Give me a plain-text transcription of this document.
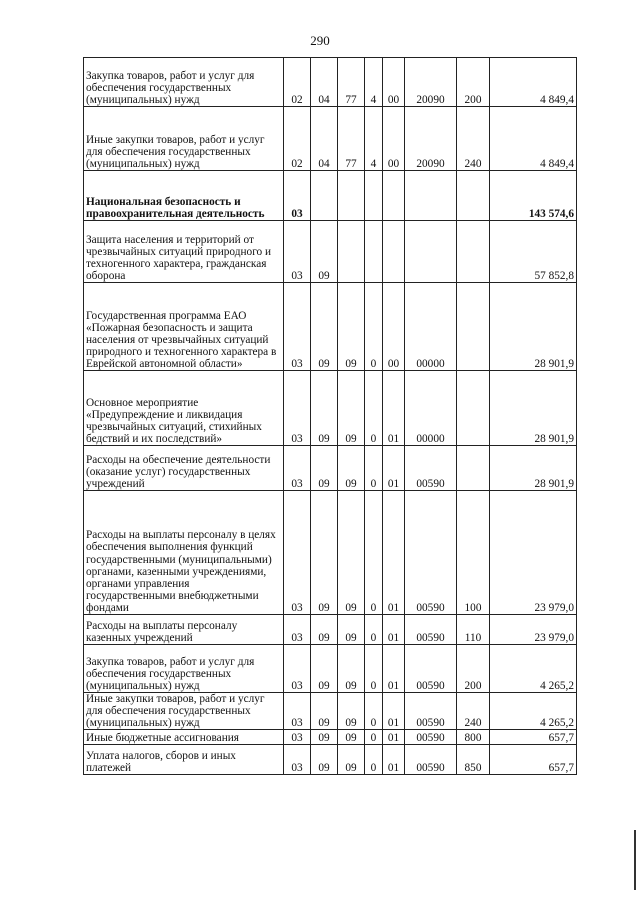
290
Закупка товаров, работ и услуг для обеспечения государственных (муниципальных) нужд	02	04	77	4	00	20090	200	4 849,4
Иные закупки товаров, работ и услуг для обеспечения государственных (муниципальных) нужд	02	04	77	4	00	20090	240	4 849,4
Национальная безопасность и правоохранительная деятельность	03							143 574,6
Защита населения и территорий от чрезвычайных ситуаций природного и техногенного характера, гражданская оборона	03	09						57 852,8
Государственная программа ЕАО «Пожарная безопасность и защита населения от чрезвычайных ситуаций природного и техногенного характера в Еврейской автономной области»	03	09	09	0	00	00000		28 901,9
Основное мероприятие «Предупреждение и ликвидация чрезвычайных ситуаций, стихийных бедствий и их последствий»	03	09	09	0	01	00000		28 901,9
Расходы на обеспечение деятельности (оказание услуг) государственных учреждений	03	09	09	0	01	00590		28 901,9
Расходы на выплаты персоналу в целях обеспечения выполнения функций государственными (муниципальными) органами, казенными учреждениями, органами управления государственными внебюджетными фондами	03	09	09	0	01	00590	100	23 979,0
Расходы на выплаты персоналу казенных учреждений	03	09	09	0	01	00590	110	23 979,0
Закупка товаров, работ и услуг для обеспечения государственных (муниципальных) нужд	03	09	09	0	01	00590	200	4 265,2
Иные закупки товаров, работ и услуг для обеспечения государственных (муниципальных) нужд	03	09	09	0	01	00590	240	4 265,2
Иные бюджетные ассигнования	03	09	09	0	01	00590	800	657,7
Уплата налогов, сборов и иных платежей	03	09	09	0	01	00590	850	657,7
